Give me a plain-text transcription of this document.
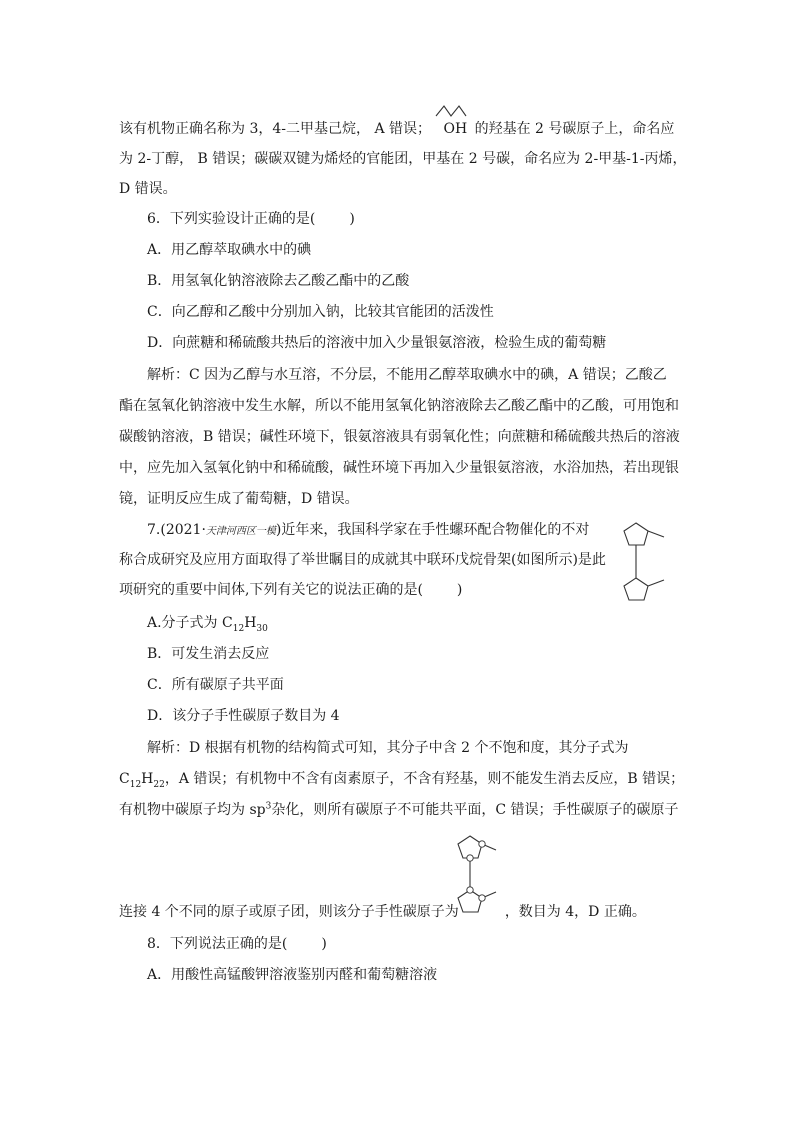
该有机物正确名称为 3，4-二甲基己烷， A 错误； OH 的羟基在 2 号碳原子上，命名应
为 2-丁醇， B 错误；碳碳双键为烯烃的官能团，甲基在 2 号碳，命名应为 2-甲基-1-丙烯，
D 错误。
6．下列实验设计正确的是( )
A．用乙醇萃取碘水中的碘
B．用氢氧化钠溶液除去乙酸乙酯中的乙酸
C．向乙醇和乙酸中分别加入钠，比较其官能团的活泼性
D．向蔗糖和稀硫酸共热后的溶液中加入少量银氨溶液，检验生成的葡萄糖
解析：C 因为乙醇与水互溶，不分层，不能用乙醇萃取碘水中的碘，A 错误；乙酸乙
酯在氢氧化钠溶液中发生水解，所以不能用氢氧化钠溶液除去乙酸乙酯中的乙酸，可用饱和
碳酸钠溶液，B 错误；碱性环境下，银氨溶液具有弱氧化性；向蔗糖和稀硫酸共热后的溶液
中，应先加入氢氧化钠中和稀硫酸，碱性环境下再加入少量银氨溶液，水浴加热，若出现银
镜，证明反应生成了葡萄糖，D 错误。
7.(2021·天津河西区一模)近年来，我国科学家在手性螺环配合物催化的不对
称合成研究及应用方面取得了举世瞩目的成就其中联环戊烷骨架(如图所示)是此
项研究的重要中间体,下列有关它的说法正确的是( )
A.分子式为 $C_{12}H_{30}$
B．可发生消去反应
C．所有碳原子共平面
D．该分子手性碳原子数目为 4
解析：D 根据有机物的结构简式可知，其分子中含 2 个不饱和度，其分子式为
$C_{12}H_{22}$，A 错误；有机物中不含有卤素原子，不含有羟基，则不能发生消去反应，B 错误；
有机物中碳原子均为 $sp^3$杂化，则所有碳原子不可能共平面，C 错误；手性碳原子的碳原子
连接 4 个不同的原子或原子团，则该分子手性碳原子为	，数目为 4，D 正确。
8．下列说法正确的是( )
A．用酸性高锰酸钾溶液鉴别丙醛和葡萄糖溶液
